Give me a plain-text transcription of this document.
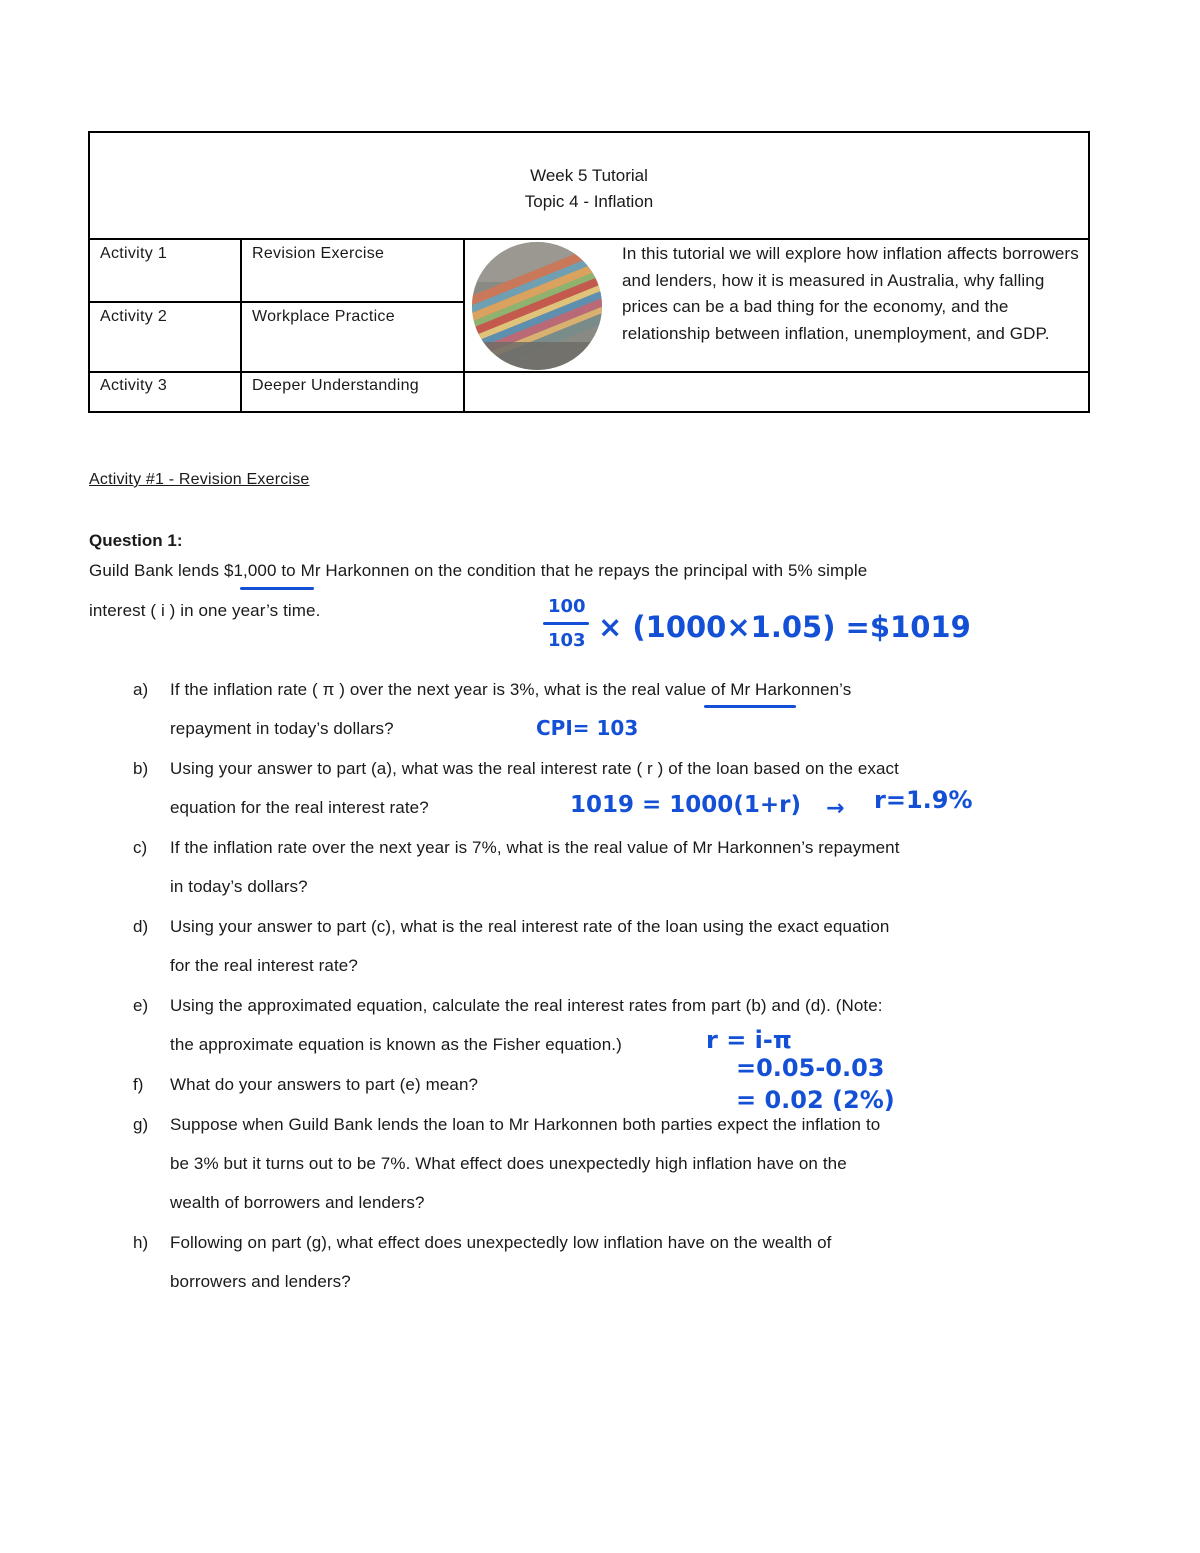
Week 5 Tutorial
Topic 4 - Inflation
Activity 1	Revision Exercise
Activity 2	Workplace Practice
Activity 3	Deeper Understanding
In this tutorial we will explore how inflation affects borrowers and lenders, how it is measured in Australia, why falling prices can be a bad thing for the economy, and the relationship between inflation, unemployment, and GDP.
Activity #1 - Revision Exercise
Question 1:
Guild Bank lends $1,000 to Mr Harkonnen on the condition that he repays the principal with 5% simple
interest ( i ) in one year’s time.
a) If the inflation rate ( π ) over the next year is 3%, what is the real value of Mr Harkonnen’s
repayment in today’s dollars?
b) Using your answer to part (a), what was the real interest rate ( r ) of the loan based on the exact
equation for the real interest rate?
c) If the inflation rate over the next year is 7%, what is the real value of Mr Harkonnen’s repayment
in today’s dollars?
d) Using your answer to part (c), what is the real interest rate of the loan using the exact equation
for the real interest rate?
e) Using the approximated equation, calculate the real interest rates from part (b) and (d). (Note:
the approximate equation is known as the Fisher equation.)
f) What do your answers to part (e) mean?
g) Suppose when Guild Bank lends the loan to Mr Harkonnen both parties expect the inflation to
be 3% but it turns out to be 7%. What effect does unexpectedly high inflation have on the
wealth of borrowers and lenders?
h) Following on part (g), what effect does unexpectedly low inflation have on the wealth of
borrowers and lenders?
100
103 × (1000×1.05) =$1019
CPI= 103
1019 = 1000(1+r) → r=1.9%
r = i-π
=0.05-0.03
= 0.02 (2%)
